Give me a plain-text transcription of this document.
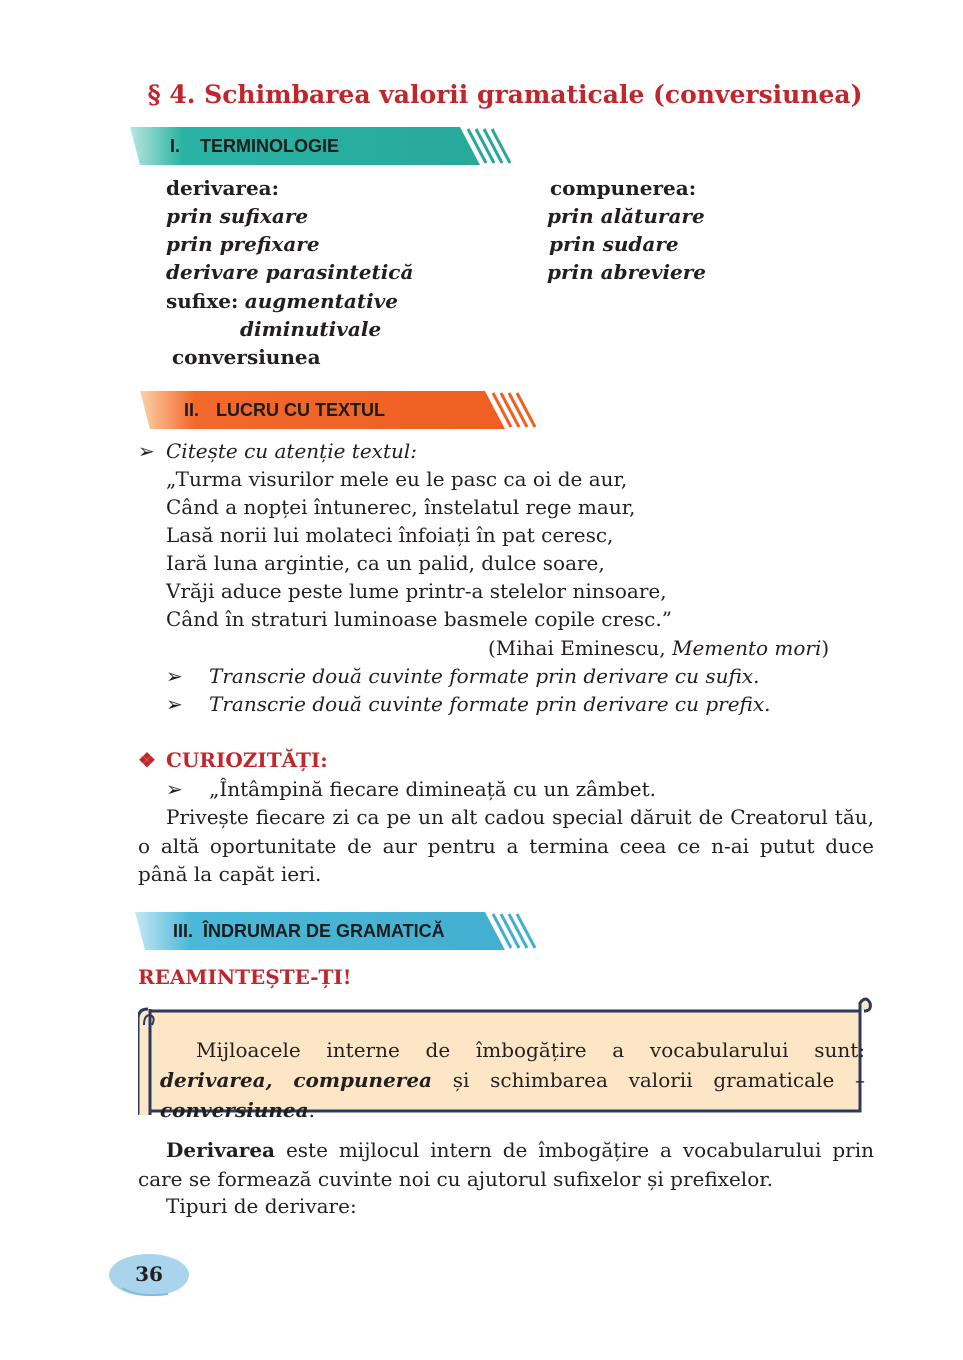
§ 4. Schimbarea valorii gramaticale (conversiunea)
I. TERMINOLOGIE
derivarea:
prin sufixare
prin prefixare
derivare parasintetică
sufixe: augmentative
diminutivale
conversiunea
compunerea:
prin alăturare
prin sudare
prin abreviere
II. LUCRU CU TEXTUL
➢ Citește cu atenție textul:
„Turma visurilor mele eu le pasc ca oi de aur,
Când a nopței întunerec, înstelatul rege maur,
Lasă norii lui molateci înfoiați în pat ceresc,
Iară luna argintie, ca un palid, dulce soare,
Vrăji aduce peste lume printr-a stelelor ninsoare,
Când în straturi luminoase basmele copile cresc.”
(Mihai Eminescu, Memento mori)
➢ Transcrie două cuvinte formate prin derivare cu sufix.
➢ Transcrie două cuvinte formate prin derivare cu prefix.
❖ CURIOZITĂȚI:
➢ „Întâmpină fiecare dimineață cu un zâmbet.
Privește fiecare zi ca pe un alt cadou special dăruit de Creatorul tău, o altă oportunitate de aur pentru a termina ceea ce n-ai putut duce până la capăt ieri.
III. ÎNDRUMAR DE GRAMATICĂ
REAMINTEȘTE-ȚI!
Mijloacele interne de îmbogățire a vocabularului sunt: derivarea, compunerea și schimbarea valorii gramaticale – conversiunea.
Derivarea este mijlocul intern de îmbogățire a vocabularului prin care se formează cuvinte noi cu ajutorul sufixelor și prefixelor.
Tipuri de derivare:
36
